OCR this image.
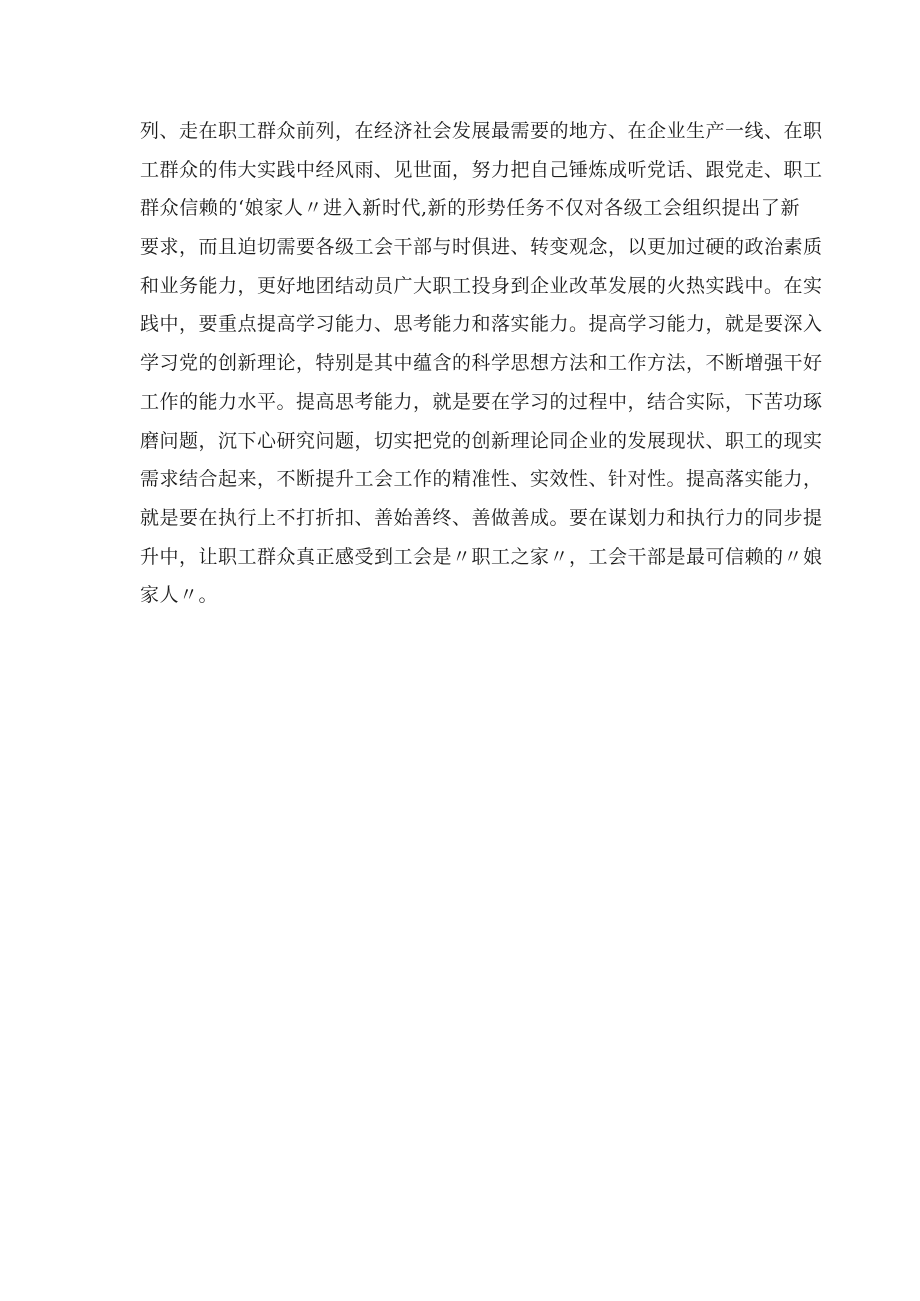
列、走在职工群众前列，在经济社会发展最需要的地方、在企业生产一线、在职
工群众的伟大实践中经风雨、见世面，努力把自己锤炼成听党话、跟党走、职工
群众信赖的‘娘家人〃进入新时代,新的形势任务不仅对各级工会组织提出了新
要求，而且迫切需要各级工会干部与时俱进、转变观念，以更加过硬的政治素质
和业务能力，更好地团结动员广大职工投身到企业改革发展的火热实践中。在实
践中，要重点提高学习能力、思考能力和落实能力。提高学习能力，就是要深入
学习党的创新理论，特别是其中蕴含的科学思想方法和工作方法，不断增强干好
工作的能力水平。提高思考能力，就是要在学习的过程中，结合实际，下苦功琢
磨问题，沉下心研究问题，切实把党的创新理论同企业的发展现状、职工的现实
需求结合起来，不断提升工会工作的精准性、实效性、针对性。提高落实能力，
就是要在执行上不打折扣、善始善终、善做善成。要在谋划力和执行力的同步提
升中，让职工群众真正感受到工会是〃职工之家〃，工会干部是最可信赖的〃娘
家人〃。
